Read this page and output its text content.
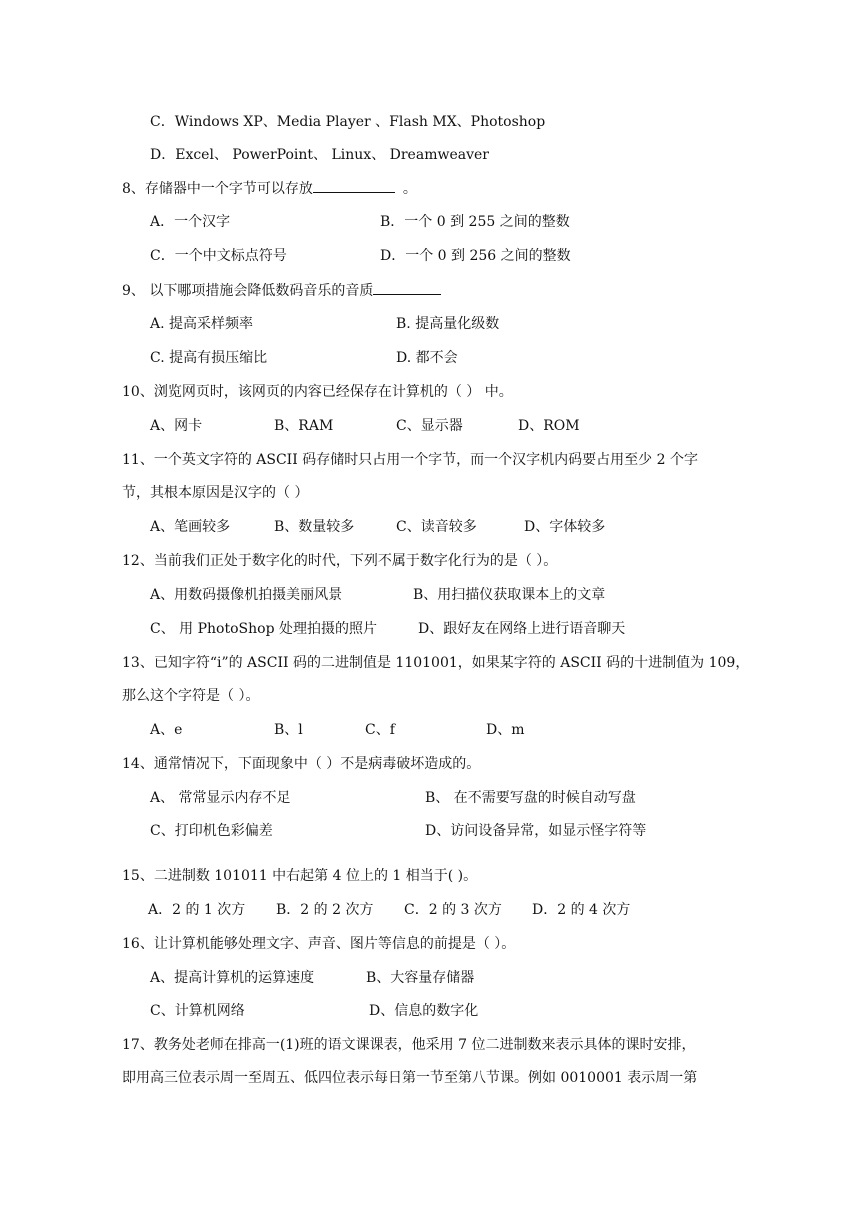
C．Windows XP、Media Player 、Flash MX、Photoshop
D．Excel、 PowerPoint、 Linux、 Dreamweaver
8、存储器中一个字节可以存放	。
A．一个汉字	B．一个 0 到 255 之间的整数
C．一个中文标点符号	D．一个 0 到 256 之间的整数
9、 以下哪项措施会降低数码音乐的音质
A. 提高采样频率	B. 提高量化级数
C. 提高有损压缩比	D. 都不会
10、浏览网页时，该网页的内容已经保存在计算机的（ ） 中。
A、网卡	B、RAM	C、显示器	D、ROM
11、一个英文字符的 ASCII 码存储时只占用一个字节，而一个汉字机内码要占用至少 2 个字
节，其根本原因是汉字的（ ）
A、笔画较多	B、数量较多	C、读音较多	D、字体较多
12、当前我们正处于数字化的时代，下列不属于数字化行为的是（ ）。
A、用数码摄像机拍摄美丽风景	B、用扫描仪获取课本上的文章
C、 用 PhotoShop 处理拍摄的照片	D、跟好友在网络上进行语音聊天
13、已知字符“i”的 ASCII 码的二进制值是 1101001，如果某字符的 ASCII 码的十进制值为 109，
那么这个字符是（ ）。
A、e	B、l	C、f	D、m
14、通常情况下，下面现象中（ ）不是病毒破坏造成的。
A、 常常显示内存不足	B、 在不需要写盘的时候自动写盘
C、打印机色彩偏差	D、访问设备异常，如显示怪字符等
15、二进制数 101011 中右起第 4 位上的 1 相当于( )。
A．2 的 1 次方 B．2 的 2 次方 C．2 的 3 次方 D．2 的 4 次方
16、让计算机能够处理文字、声音、图片等信息的前提是（ ）。
A、提高计算机的运算速度	B、大容量存储器
C、计算机网络	D、信息的数字化
17、教务处老师在排高一(1)班的语文课课表，他采用 7 位二进制数来表示具体的课时安排，
即用高三位表示周一至周五、低四位表示每日第一节至第八节课。例如 0010001 表示周一第
